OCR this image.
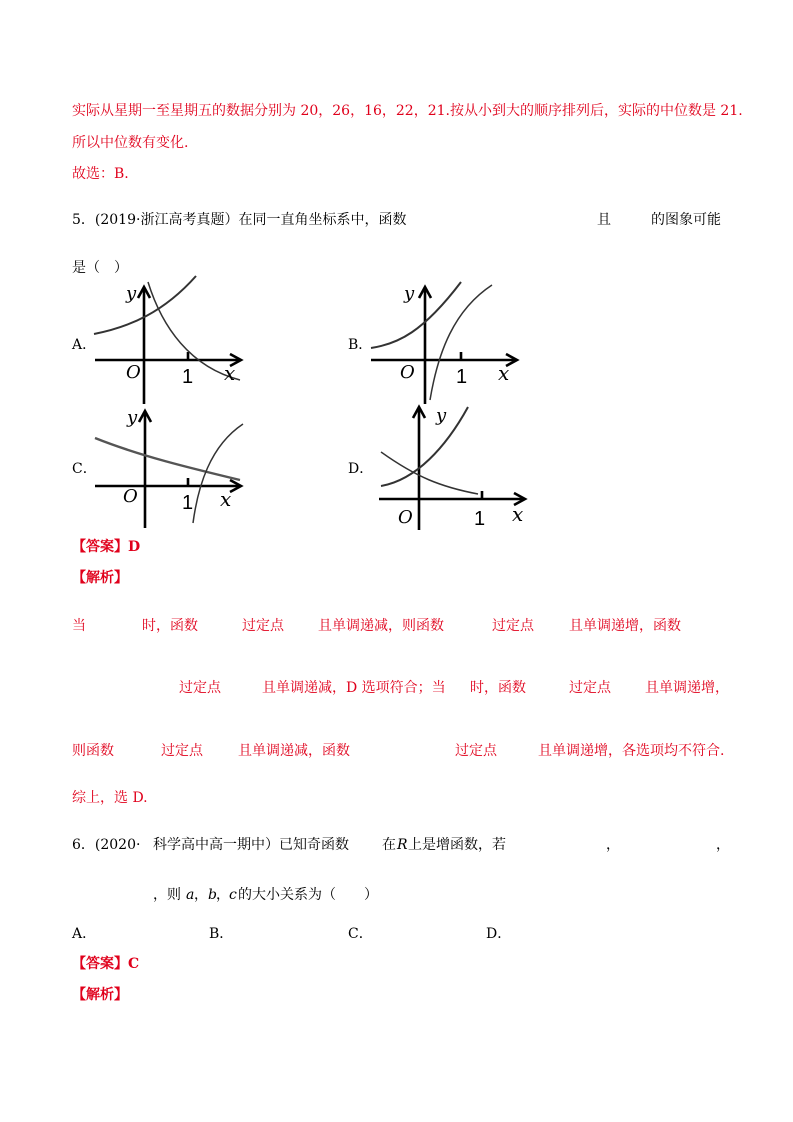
实际从星期一至星期五的数据分别为 20，26，16，22，21.按从小到大的顺序排列后，实际的中位数是 21.
所以中位数有变化.
故选：B.
5．(2019·浙江高考真题）在同一直角坐标系中，函数	且	的图象可能
是（　）
A．
y
O 1 x
B．
y
O 1 x
C．
y
O 1 x
D．
y
O	1 x
【答案】D
【解析】
当	时，函数	过定点 且单调递减，则函数	过定点	且单调递增，函数
过定点	且单调递减，D 选项符合；当 时，函数	过定点 且单调递增，
则函数	过定点	且单调递减，函数	过定点	且单调递增，各选项均不符合.
综上，选 D.
6．(2020· 科学高中高一期中）已知奇函数 在 R 上是增函数，若	，	，
，则 a ， b ， c 的大小关系为（　　）
A．	B．	C．	D．
【答案】C
【解析】
